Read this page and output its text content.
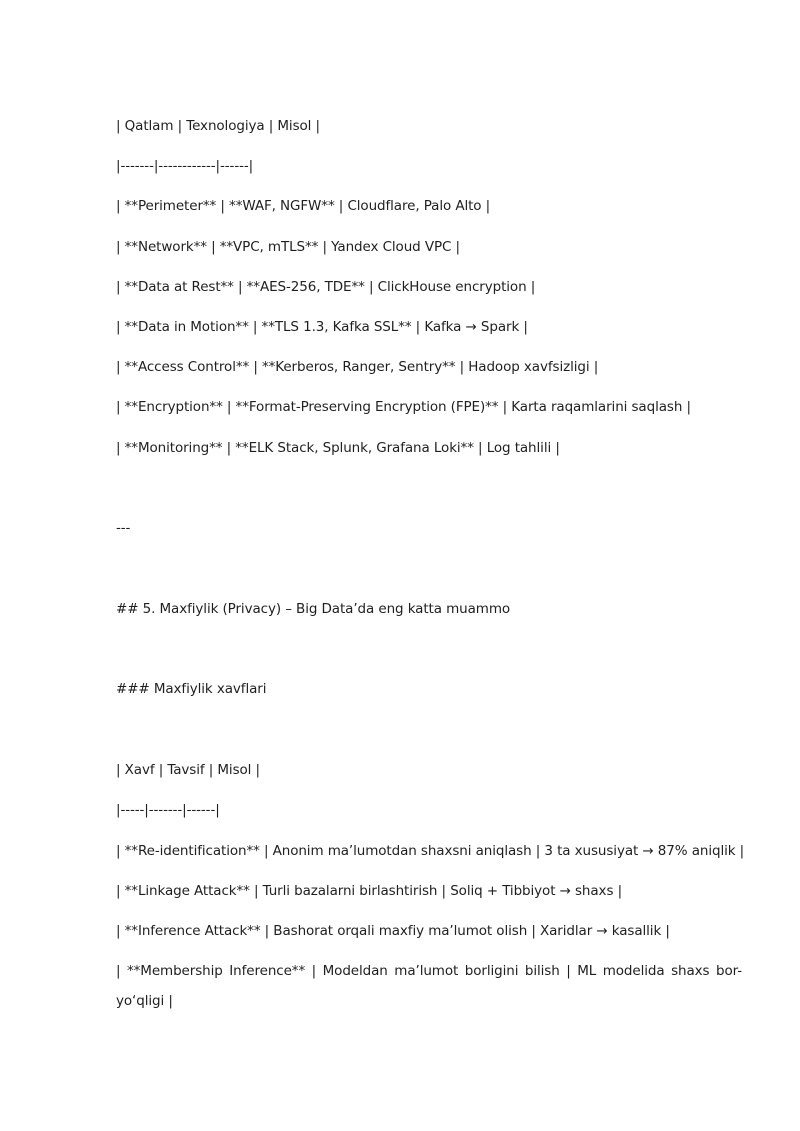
| Qatlam | Texnologiya | Misol |
|-------|------------|------|
| **Perimeter** | **WAF, NGFW** | Cloudflare, Palo Alto |
| **Network** | **VPC, mTLS** | Yandex Cloud VPC |
| **Data at Rest** | **AES-256, TDE** | ClickHouse encryption |
| **Data in Motion** | **TLS 1.3, Kafka SSL** | Kafka → Spark |
| **Access Control** | **Kerberos, Ranger, Sentry** | Hadoop xavfsizligi |
| **Encryption** | **Format-Preserving Encryption (FPE)** | Karta raqamlarini saqlash |
| **Monitoring** | **ELK Stack, Splunk, Grafana Loki** | Log tahlili |
---
## 5. Maxfiylik (Privacy) – Big Data’da eng katta muammo
### Maxfiylik xavflari
| Xavf | Tavsif | Misol |
|-----|-------|------|
| **Re-identification** | Anonim ma’lumotdan shaxsni aniqlash | 3 ta xususiyat → 87% aniqlik |
| **Linkage Attack** | Turli bazalarni birlashtirish | Soliq + Tibbiyot → shaxs |
| **Inference Attack** | Bashorat orqali maxfiy ma’lumot olish | Xaridlar → kasallik |
| **Membership Inference** | Modeldan ma’lumot borligini bilish | ML modelida shaxs bor-yo‘qligi |
